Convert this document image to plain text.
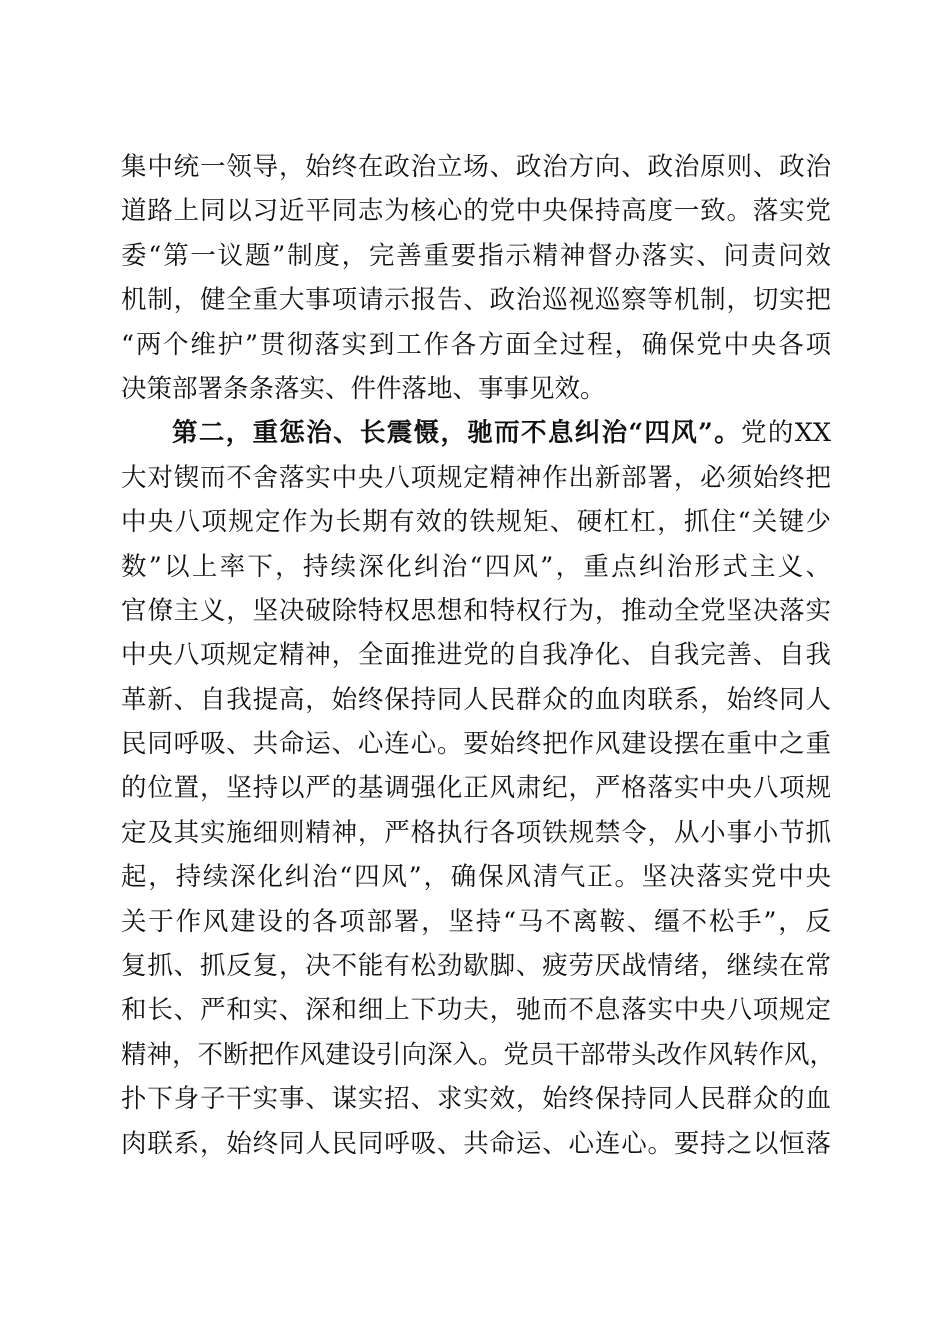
集中统一领导，始终在政治立场、政治方向、政治原则、政治
道路上同以习近平同志为核心的党中央保持高度一致。落实党
委“第一议题”制度，完善重要指示精神督办落实、问责问效
机制，健全重大事项请示报告、政治巡视巡察等机制，切实把
“两个维护”贯彻落实到工作各方面全过程，确保党中央各项
决策部署条条落实、件件落地、事事见效。
第二，重惩治、长震慑，驰而不息纠治“四风”。党的XX
大对锲而不舍落实中央八项规定精神作出新部署，必须始终把
中央八项规定作为长期有效的铁规矩、硬杠杠，抓住“关键少
数”以上率下，持续深化纠治“四风”，重点纠治形式主义、
官僚主义，坚决破除特权思想和特权行为，推动全党坚决落实
中央八项规定精神，全面推进党的自我净化、自我完善、自我
革新、自我提高，始终保持同人民群众的血肉联系，始终同人
民同呼吸、共命运、心连心。要始终把作风建设摆在重中之重
的位置，坚持以严的基调强化正风肃纪，严格落实中央八项规
定及其实施细则精神，严格执行各项铁规禁令，从小事小节抓
起，持续深化纠治“四风”，确保风清气正。坚决落实党中央
关于作风建设的各项部署，坚持“马不离鞍、缰不松手”，反
复抓、抓反复，决不能有松劲歇脚、疲劳厌战情绪，继续在常
和长、严和实、深和细上下功夫，驰而不息落实中央八项规定
精神，不断把作风建设引向深入。党员干部带头改作风转作风，
扑下身子干实事、谋实招、求实效，始终保持同人民群众的血
肉联系，始终同人民同呼吸、共命运、心连心。要持之以恒落
